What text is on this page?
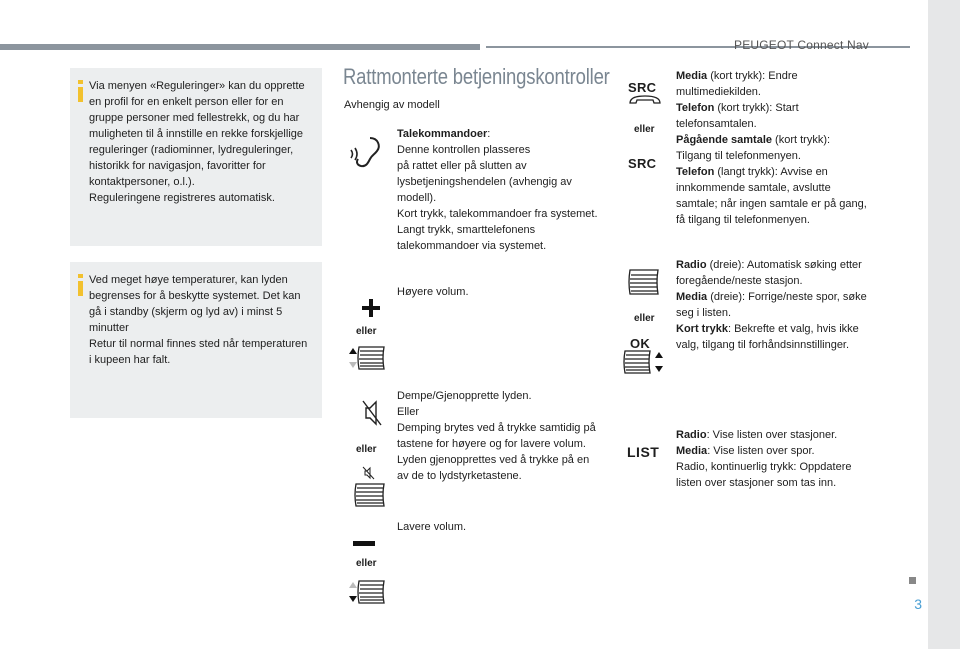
PEUGEOT Connect Nav
3

Via menyen «Reguleringer» kan du opprette en profil for en enkelt person eller for en gruppe personer med fellestrekk, og du har muligheten til å innstille en rekke forskjellige reguleringer (radiominner, lydreguleringer, historikk for navigasjon, favoritter for kontaktpersoner, o.l.).
Reguleringene registreres automatisk.

Ved meget høye temperaturer, kan lyden begrenses for å beskytte systemet. Det kan gå i standby (skjerm og lyd av) i minst 5 minutter
Retur til normal finnes sted når temperaturen i kupeen har falt.

Rattmonterte betjeningskontroller
Avhengig av modell
eller
eller
eller

Talekommandoer:

Denne kontrollen plasseres
på rattet eller på slutten av lysbetjeningshendelen (avhengig av modell).
Kort trykk, talekommandoer fra systemet.
Langt trykk, smarttelefonens talekommandoer via systemet.

Høyere volum.

Dempe/Gjenopprette lyden.
Eller
Demping brytes ved å trykke samtidig på tastene for høyere og for lavere volum.
Lyden gjenopprettes ved å trykke på en av de to lydstyrketastene.

Lavere volum.

SRC
eller
SRC
eller
OK
LIST

Media (kort trykk): Endre multimediekilden.

Telefon (kort trykk): Start telefonsamtalen.

Pågående samtale (kort trykk): Tilgang til telefonmenyen.

Telefon (langt trykk): Avvise en innkommende samtale, avslutte samtale; når ingen samtale er på gang, få tilgang til telefonmenyen.

Radio (dreie): Automatisk søking etter foregående/neste stasjon.

Media (dreie): Forrige/neste spor, søke seg i listen.

Kort trykk: Bekrefte et valg, hvis ikke valg, tilgang til forhåndsinnstillinger.

Radio: Vise listen over stasjoner.

Media: Vise listen over spor.

Radio, kontinuerlig trykk: Oppdatere listen over stasjoner som tas inn.
